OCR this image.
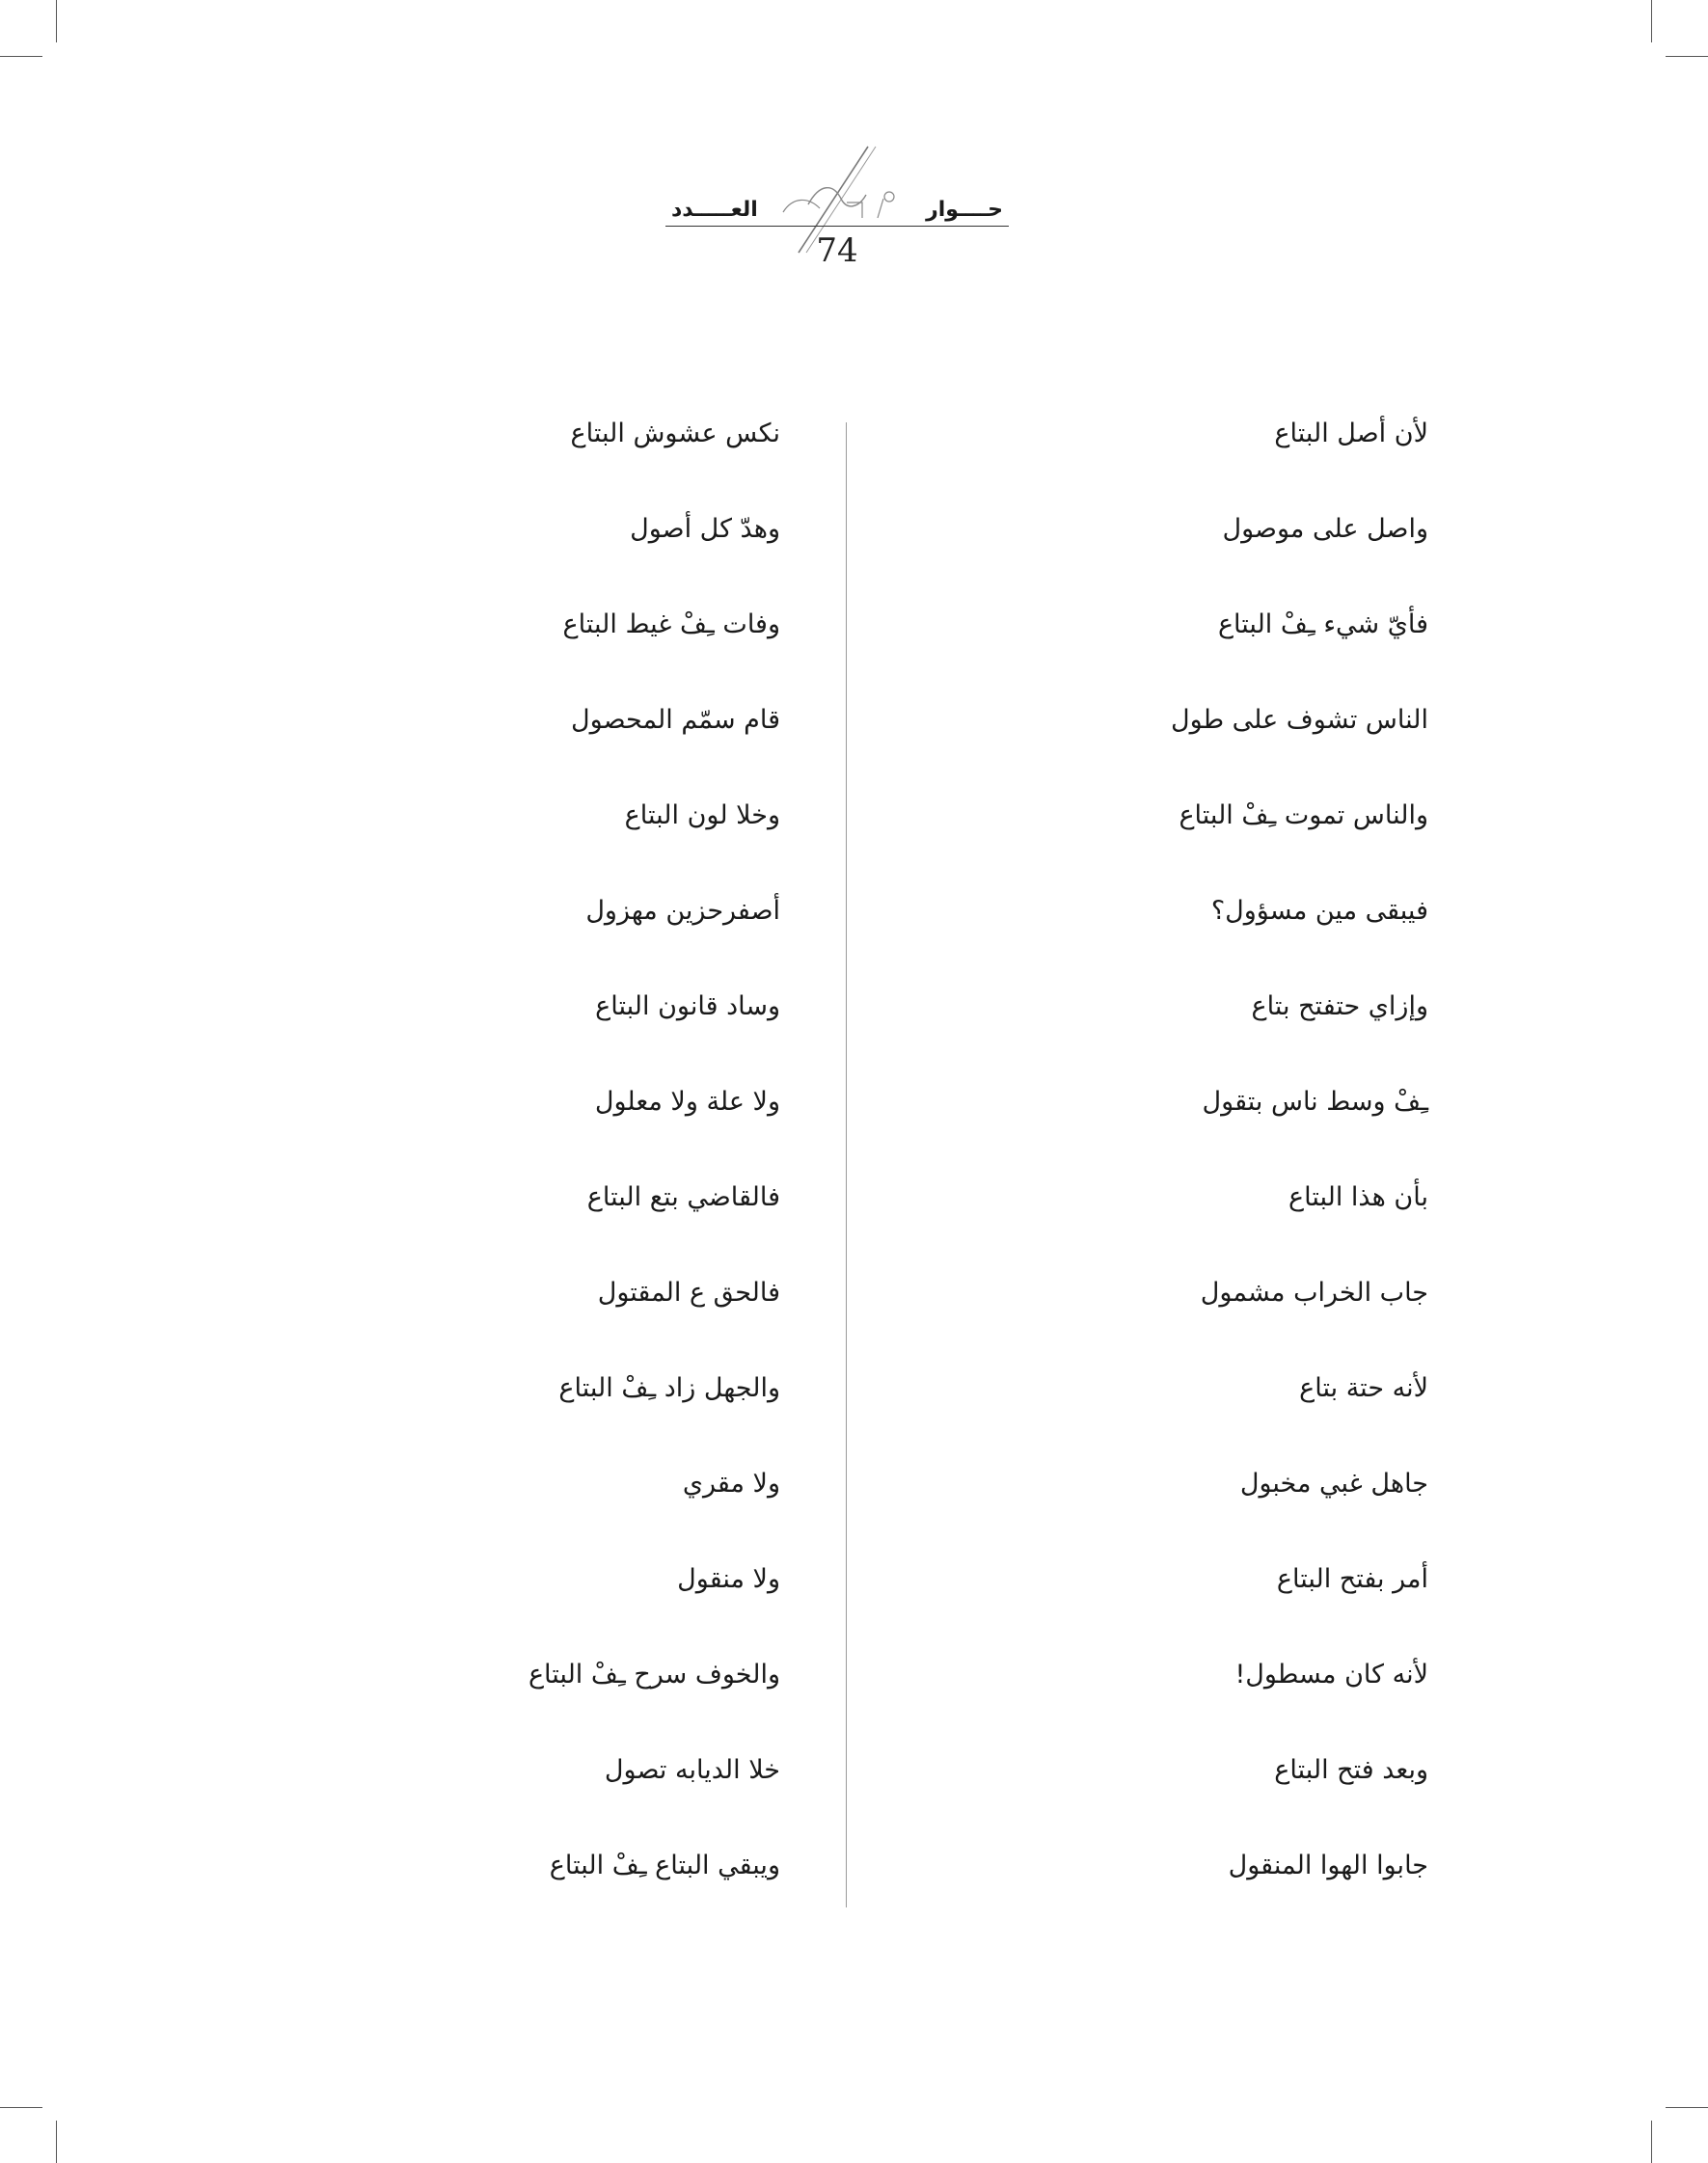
العـــــدد	حــــوار
74
لأن أصل البتاع
واصل على موصول
فأيّ شيء ـِفْ البتاع
الناس تشوف على طول
والناس تموت ـِفْ البتاع
فيبقى مين مسؤول؟
وإزاي حتفتح بتاع
ـِفْ وسط ناس بتقول
بأن هذا البتاع
جاب الخراب مشمول
لأنه حتة بتاع
جاهل غبي مخبول
أمر بفتح البتاع
لأنه كان مسطول!
وبعد فتح البتاع
جابوا الهوا المنقول
نكس عشوش البتاع
وهدّ كل أصول
وفات ـِفْ غيط البتاع
قام سمّم المحصول
وخلا لون البتاع
أصفرحزين مهزول
وساد قانون البتاع
ولا علة ولا معلول
فالقاضي بتع البتاع
فالحق ع المقتول
والجهل زاد ـِفْ البتاع
ولا مقري
ولا منقول
والخوف سرح ـِفْ البتاع
خلا الديابه تصول
ويبقي البتاع ـِفْ البتاع
